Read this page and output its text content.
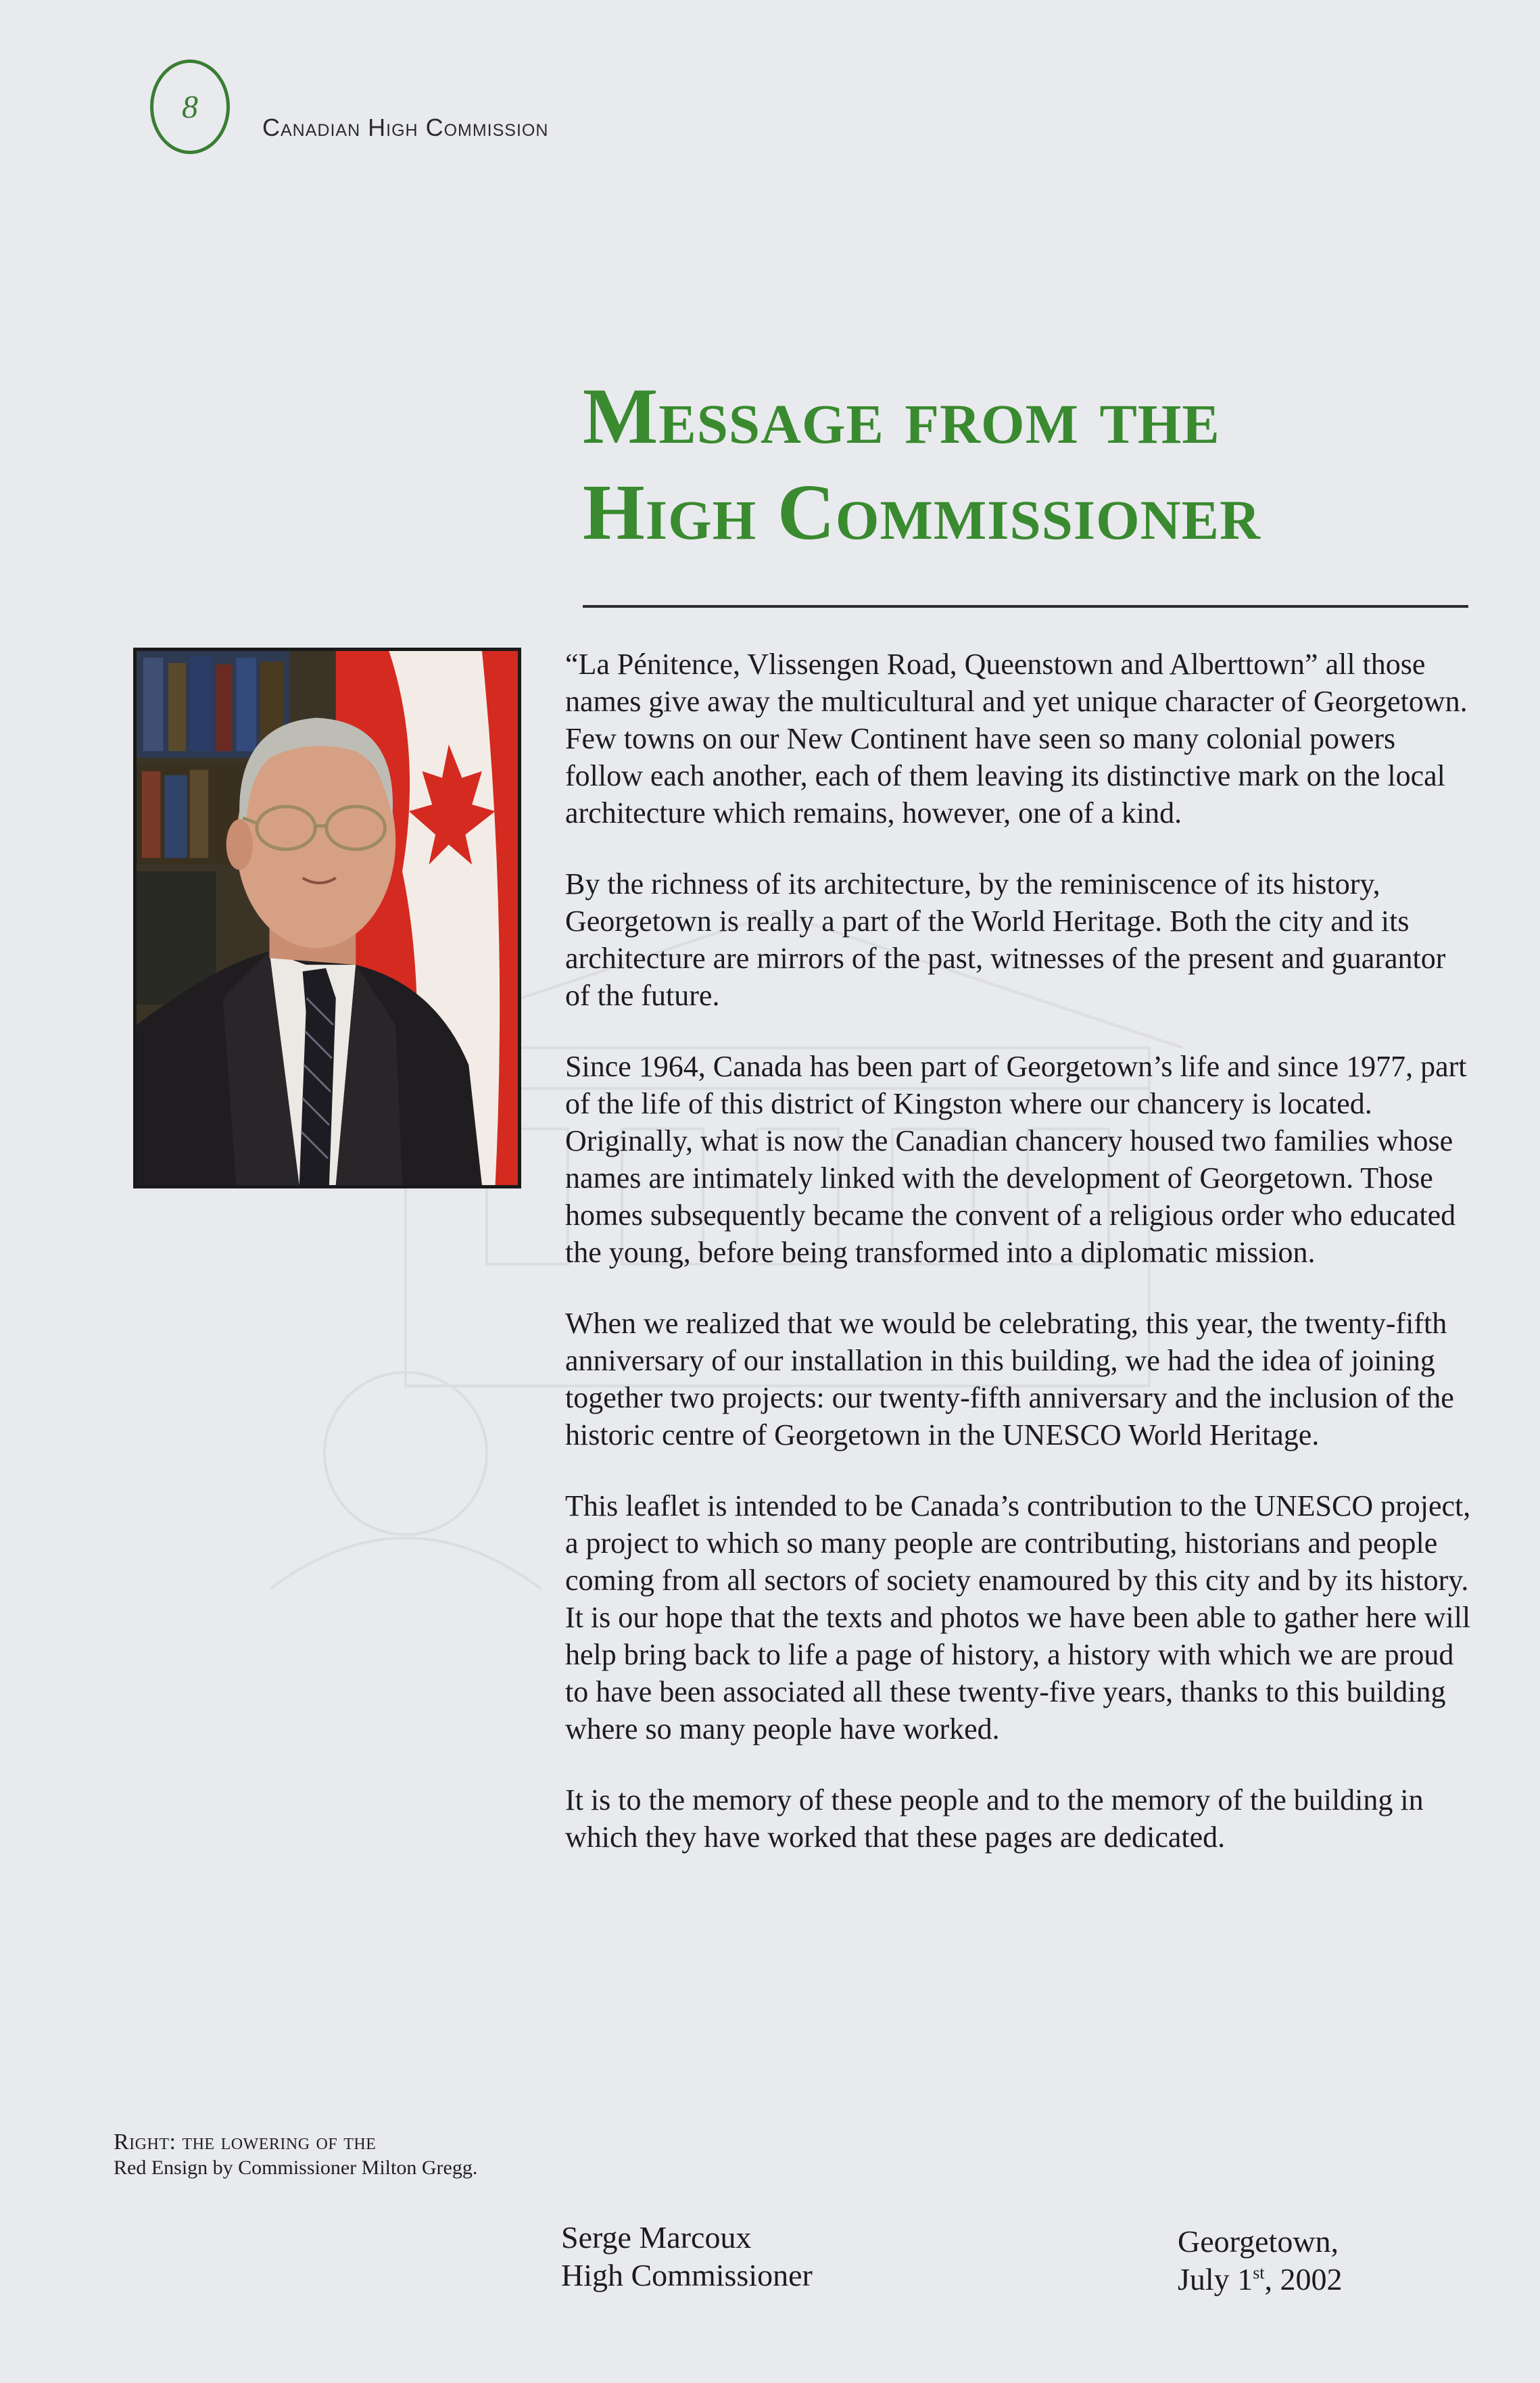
8
Canadian High Commission
Message from the
High Commissioner

“La Pénitence, Vlissengen Road, Queenstown and Alberttown” all those names give away the multicultural and yet unique character of Georgetown. Few towns on our New Continent have seen so many colonial powers follow each another, each of them leaving its distinctive mark on the local architecture which remains, however, one of a kind.

By the richness of its architecture, by the reminiscence of its history, Georgetown is really a part of the World Heritage. Both the city and its architecture are mirrors of the past, witnesses of the present and guarantor of the future.

Since 1964, Canada has been part of Georgetown’s life and since 1977, part of the life of this district of Kingston where our chancery is located. Originally, what is now the Canadian chancery housed two families whose names are intimately linked with the development of Georgetown. Those homes subsequently became the convent of a religious order who educated the young, before being transformed into a diplomatic mission.

When we realized that we would be celebrating, this year, the twenty-fifth anniversary of our installation in this building, we had the idea of joining together two projects: our twenty-fifth anniversary and the inclusion of the historic centre of Georgetown in the UNESCO World Heritage.

This leaflet is intended to be Canada’s contribution to the UNESCO project, a project to which so many people are contributing, historians and people coming from all sectors of society enamoured by this city and by its history. It is our hope that the texts and photos we have been able to gather here will help bring back to life a page of history, a history with which we are proud to have been associated all these twenty-five years, thanks to this building where so many people have worked.

It is to the memory of these people and to the memory of the building in which they have worked that these pages are dedicated.

Serge Marcoux
High Commissioner
Georgetown,
July 1st, 2002
Right: the lowering of the
Red Ensign by Commissioner Milton Gregg.
